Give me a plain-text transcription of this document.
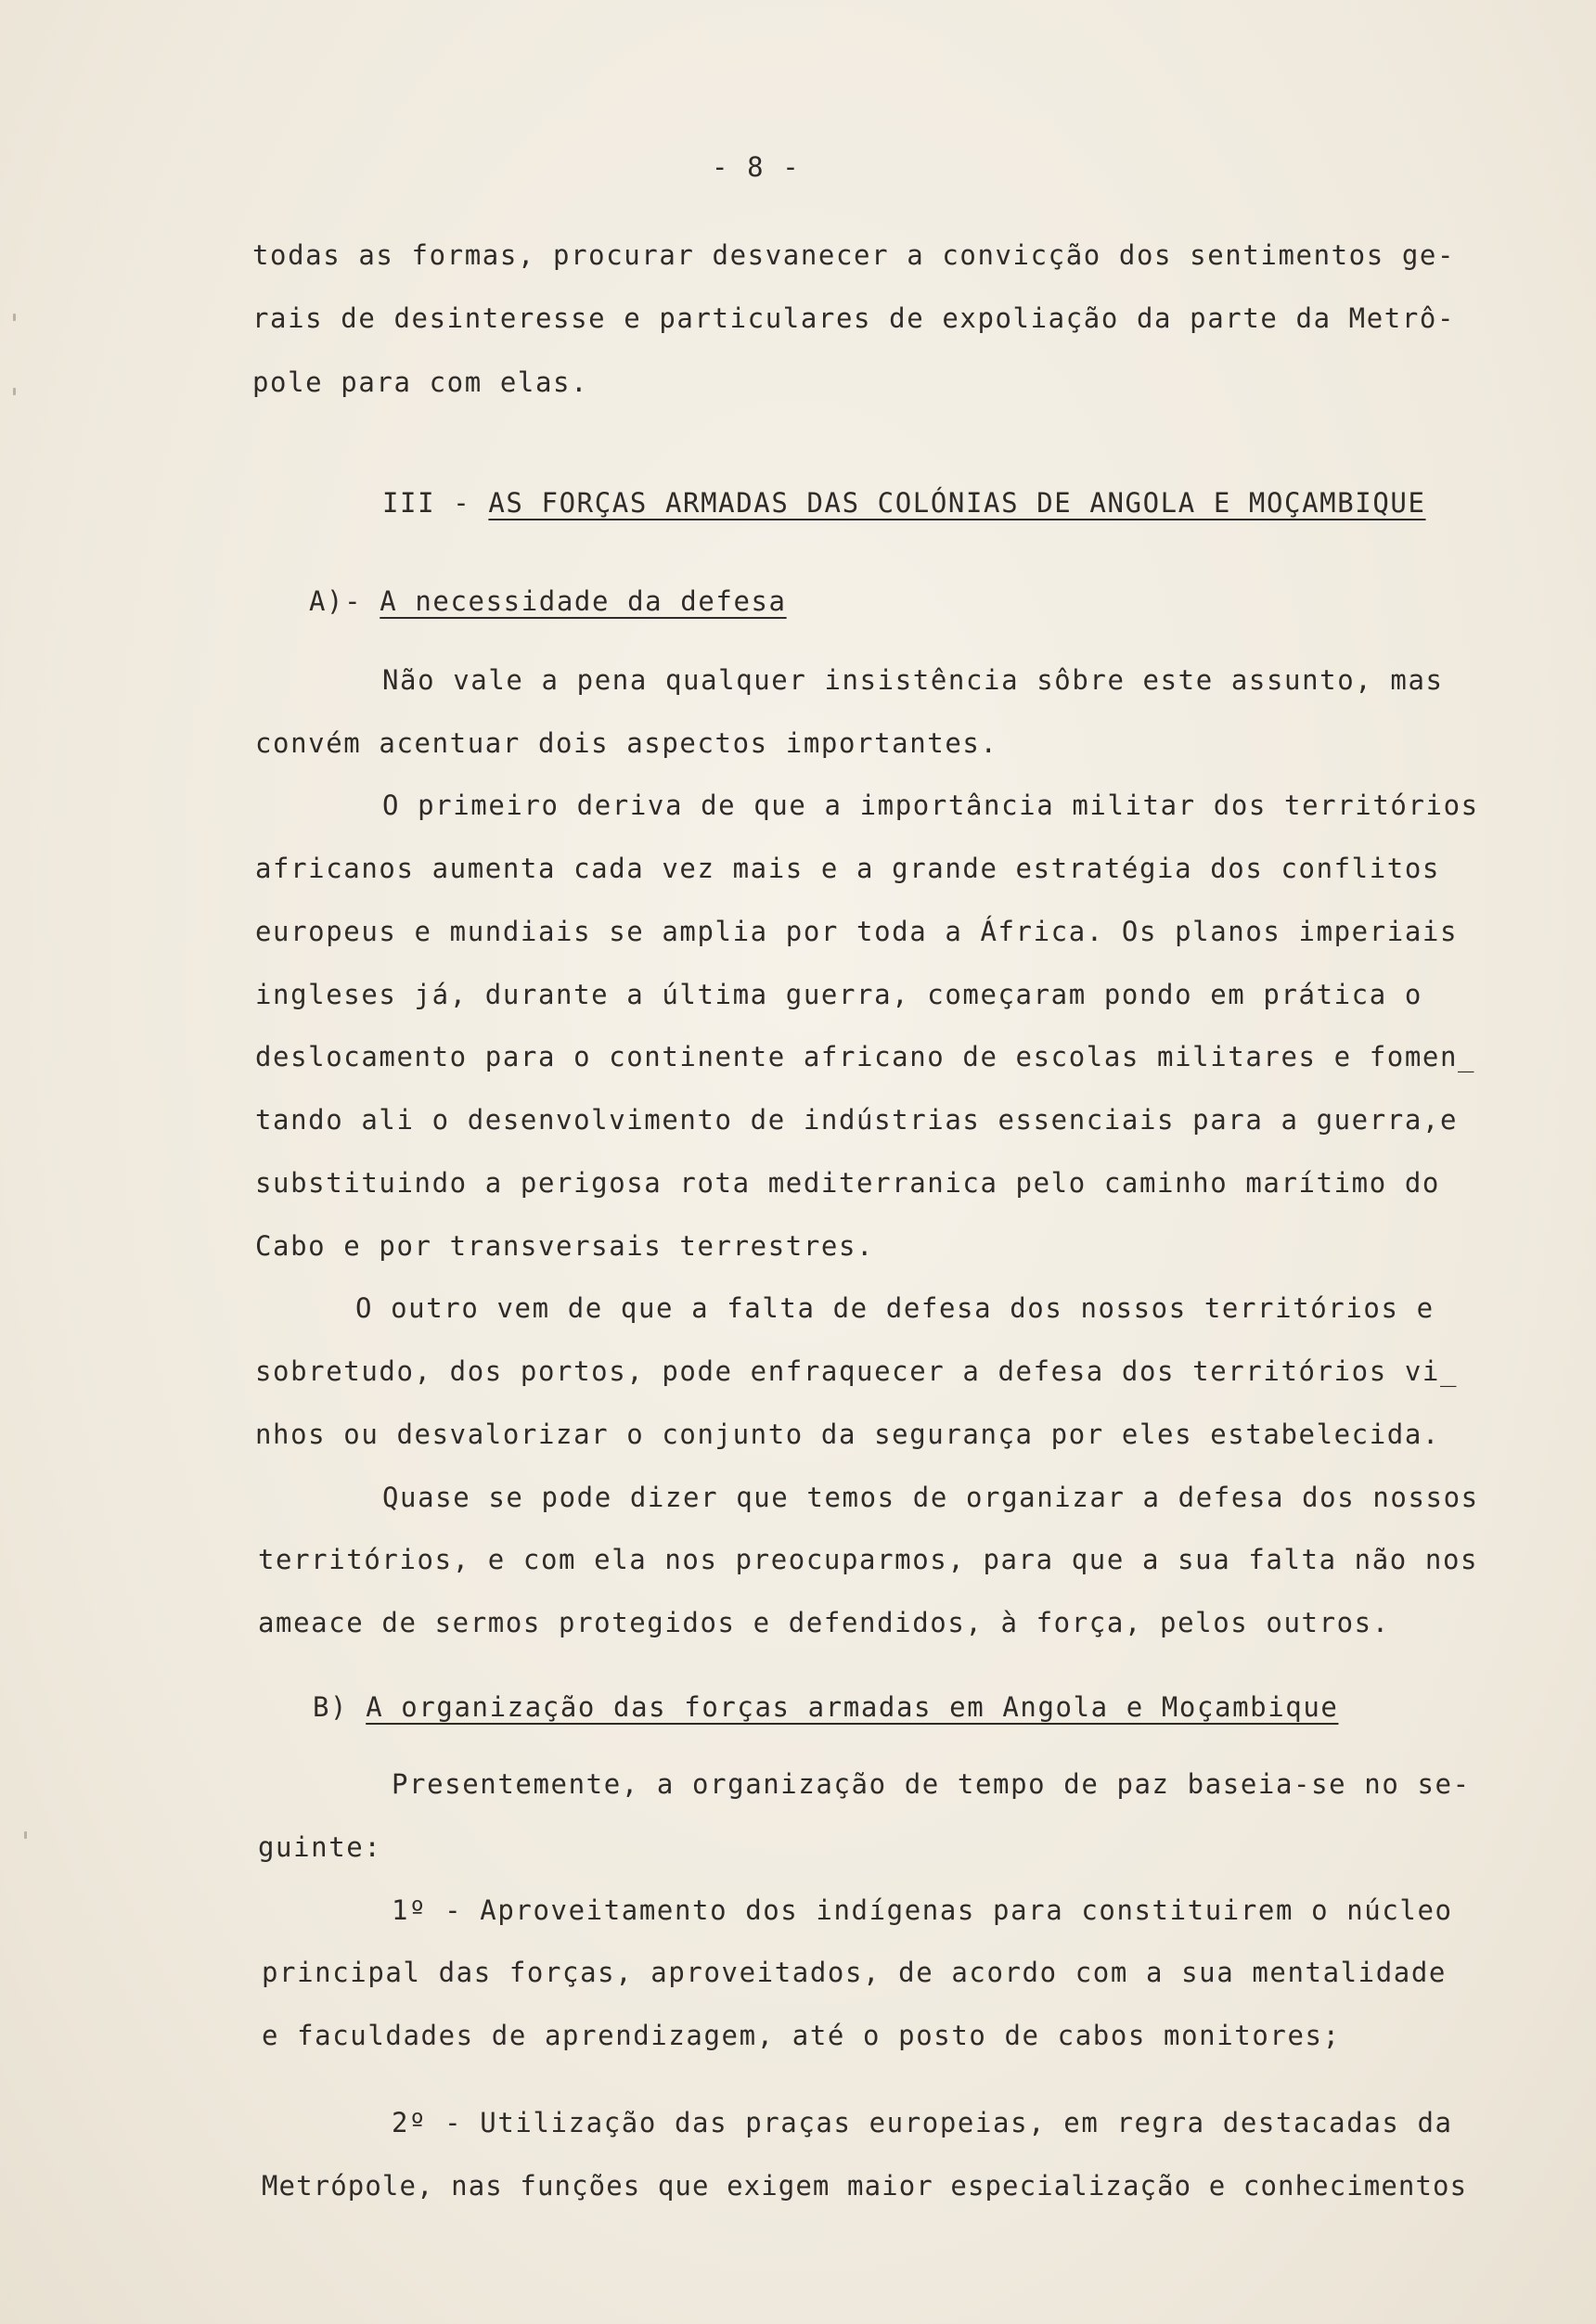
- 8 -
todas as formas, procurar desvanecer a convicção dos sentimentos ge-
rais de desinteresse e particulares de expoliação da parte da Metrô-
pole para com elas.
III - AS FORÇAS ARMADAS DAS COLÓNIAS DE ANGOLA E MOÇAMBIQUE
A)- A necessidade da defesa
Não vale a pena qualquer insistência sôbre este assunto, mas
convém acentuar dois aspectos importantes.
O primeiro deriva de que a importância militar dos territórios
africanos aumenta cada vez mais e a grande estratégia dos conflitos
europeus e mundiais se amplia por toda a África. Os planos imperiais
ingleses já, durante a última guerra, começaram pondo em prática o
deslocamento para o continente africano de escolas militares e fomen_
tando ali o desenvolvimento de indústrias essenciais para a guerra,e
substituindo a perigosa rota mediterranica pelo caminho marítimo do
Cabo e por transversais terrestres.
O outro vem de que a falta de defesa dos nossos territórios e
sobretudo, dos portos, pode enfraquecer a defesa dos territórios vi_
nhos ou desvalorizar o conjunto da segurança por eles estabelecida.
Quase se pode dizer que temos de organizar a defesa dos nossos
territórios, e com ela nos preocuparmos, para que a sua falta não nos
ameace de sermos protegidos e defendidos, à força, pelos outros.
B) A organização das forças armadas em Angola e Moçambique
Presentemente, a organização de tempo de paz baseia-se no se-
guinte:
1º - Aproveitamento dos indígenas para constituirem o núcleo
principal das forças, aproveitados, de acordo com a sua mentalidade
e faculdades de aprendizagem, até o posto de cabos monitores;
2º - Utilização das praças europeias, em regra destacadas da
Metrópole, nas funções que exigem maior especialização e conhecimentos
